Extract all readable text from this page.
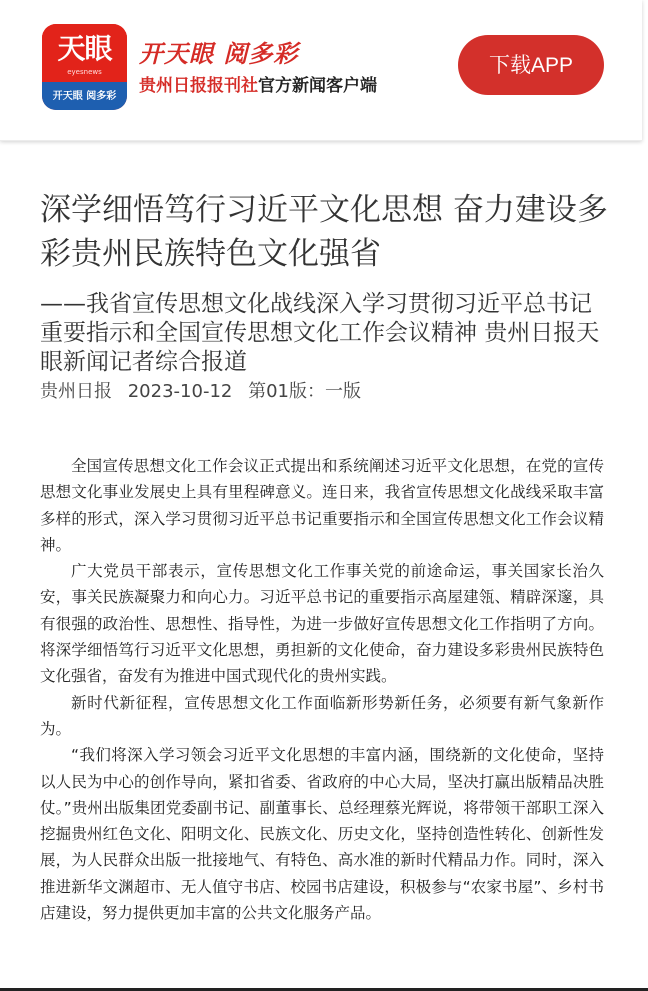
天眼
eyesnews
开天眼 阅多彩
开天眼 阅多彩
贵州日报报刊社官方新闻客户端
下载APP
深学细悟笃行习近平文化思想 奋力建设多彩贵州民族特色文化强省
——我省宣传思想文化战线深入学习贯彻习近平总书记重要指示和全国宣传思想文化工作会议精神 贵州日报天眼新闻记者综合报道
贵州日报 2023-10-12 第01版：一版

全国宣传思想文化工作会议正式提出和系统阐述习近平文化思想，在党的宣传思想文化事业发展史上具有里程碑意义。连日来，我省宣传思想文化战线采取丰富多样的形式，深入学习贯彻习近平总书记重要指示和全国宣传思想文化工作会议精神。

广大党员干部表示，宣传思想文化工作事关党的前途命运，事关国家长治久安，事关民族凝聚力和向心力。习近平总书记的重要指示高屋建瓴、精辟深邃，具有很强的政治性、思想性、指导性，为进一步做好宣传思想文化工作指明了方向。将深学细悟笃行习近平文化思想，勇担新的文化使命，奋力建设多彩贵州民族特色文化强省，奋发有为推进中国式现代化的贵州实践。

新时代新征程，宣传思想文化工作面临新形势新任务，必须要有新气象新作为。

“我们将深入学习领会习近平文化思想的丰富内涵，围绕新的文化使命，坚持以人民为中心的创作导向，紧扣省委、省政府的中心大局，坚决打赢出版精品决胜仗。”贵州出版集团党委副书记、副董事长、总经理蔡光辉说，将带领干部职工深入挖掘贵州红色文化、阳明文化、民族文化、历史文化，坚持创造性转化、创新性发展，为人民群众出版一批接地气、有特色、高水准的新时代精品力作。同时，深入推进新华文渊超市、无人值守书店、校园书店建设，积极参与“农家书屋”、乡村书店建设，努力提供更加丰富的公共文化服务产品。
